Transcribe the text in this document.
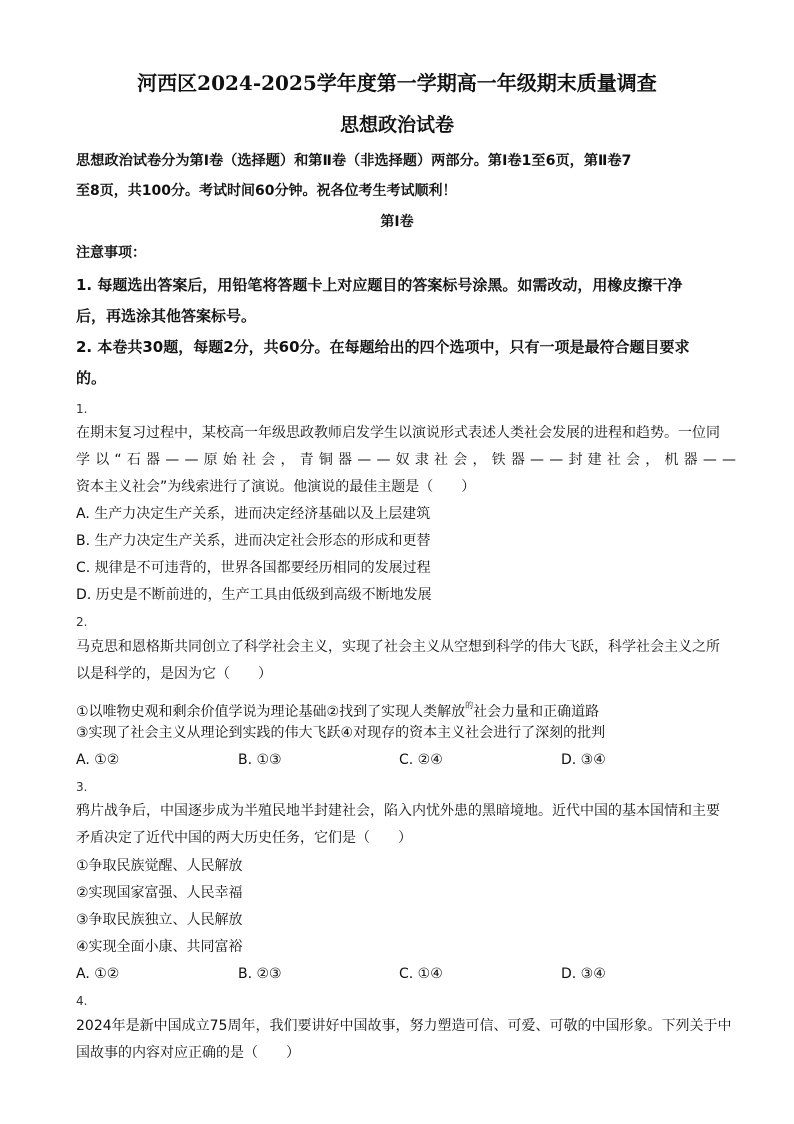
河西区2024-2025学年度第一学期高一年级期末质量调查
思想政治试卷
思想政治试卷分为第Ⅰ卷（选择题）和第Ⅱ卷（非选择题）两部分。第Ⅰ卷1至6页，第Ⅱ卷7
至8页，共100分。考试时间60分钟。祝各位考生考试顺利！
第Ⅰ卷
注意事项：
1. 每题选出答案后，用铅笔将答题卡上对应题目的答案标号涂黑。如需改动，用橡皮擦干净
后，再选涂其他答案标号。
2. 本卷共30题，每题2分，共60分。在每题给出的四个选项中，只有一项是最符合题目要求
的。
1.
在期末复习过程中，某校高一年级思政教师启发学生以演说形式表述人类社会发展的进程和趋势。一位同
学以“石器——原始社会，青铜器——奴隶社会，铁器——封建社会，机器——
资本主义社会”为线索进行了演说。他演说的最佳主题是（　　）
A. 生产力决定生产关系，进而决定经济基础以及上层建筑
B. 生产力决定生产关系，进而决定社会形态的形成和更替
C. 规律是不可违背的，世界各国都要经历相同的发展过程
D. 历史是不断前进的，生产工具由低级到高级不断地发展
2.
马克思和恩格斯共同创立了科学社会主义，实现了社会主义从空想到科学的伟大飞跃，科学社会主义之所
以是科学的，是因为它（　　）
①以唯物史观和剩余价值学说为理论基础②找到了实现人类解放$^的$社会力量和正确道路
③实现了社会主义从理论到实践的伟大飞跃④对现存的资本主义社会进行了深刻的批判
A. ①②	B. ①③	C. ②④	D. ③④
3.
鸦片战争后，中国逐步成为半殖民地半封建社会，陷入内忧外患的黑暗境地。近代中国的基本国情和主要
矛盾决定了近代中国的两大历史任务，它们是（　　）
①争取民族觉醒、人民解放
②实现国家富强、人民幸福
③争取民族独立、人民解放
④实现全面小康、共同富裕
A. ①②	B. ②③	C. ①④	D. ③④
4.
2024年是新中国成立75周年，我们要讲好中国故事，努力塑造可信、可爱、可敬的中国形象。下列关于中
国故事的内容对应正确的是（　　）
